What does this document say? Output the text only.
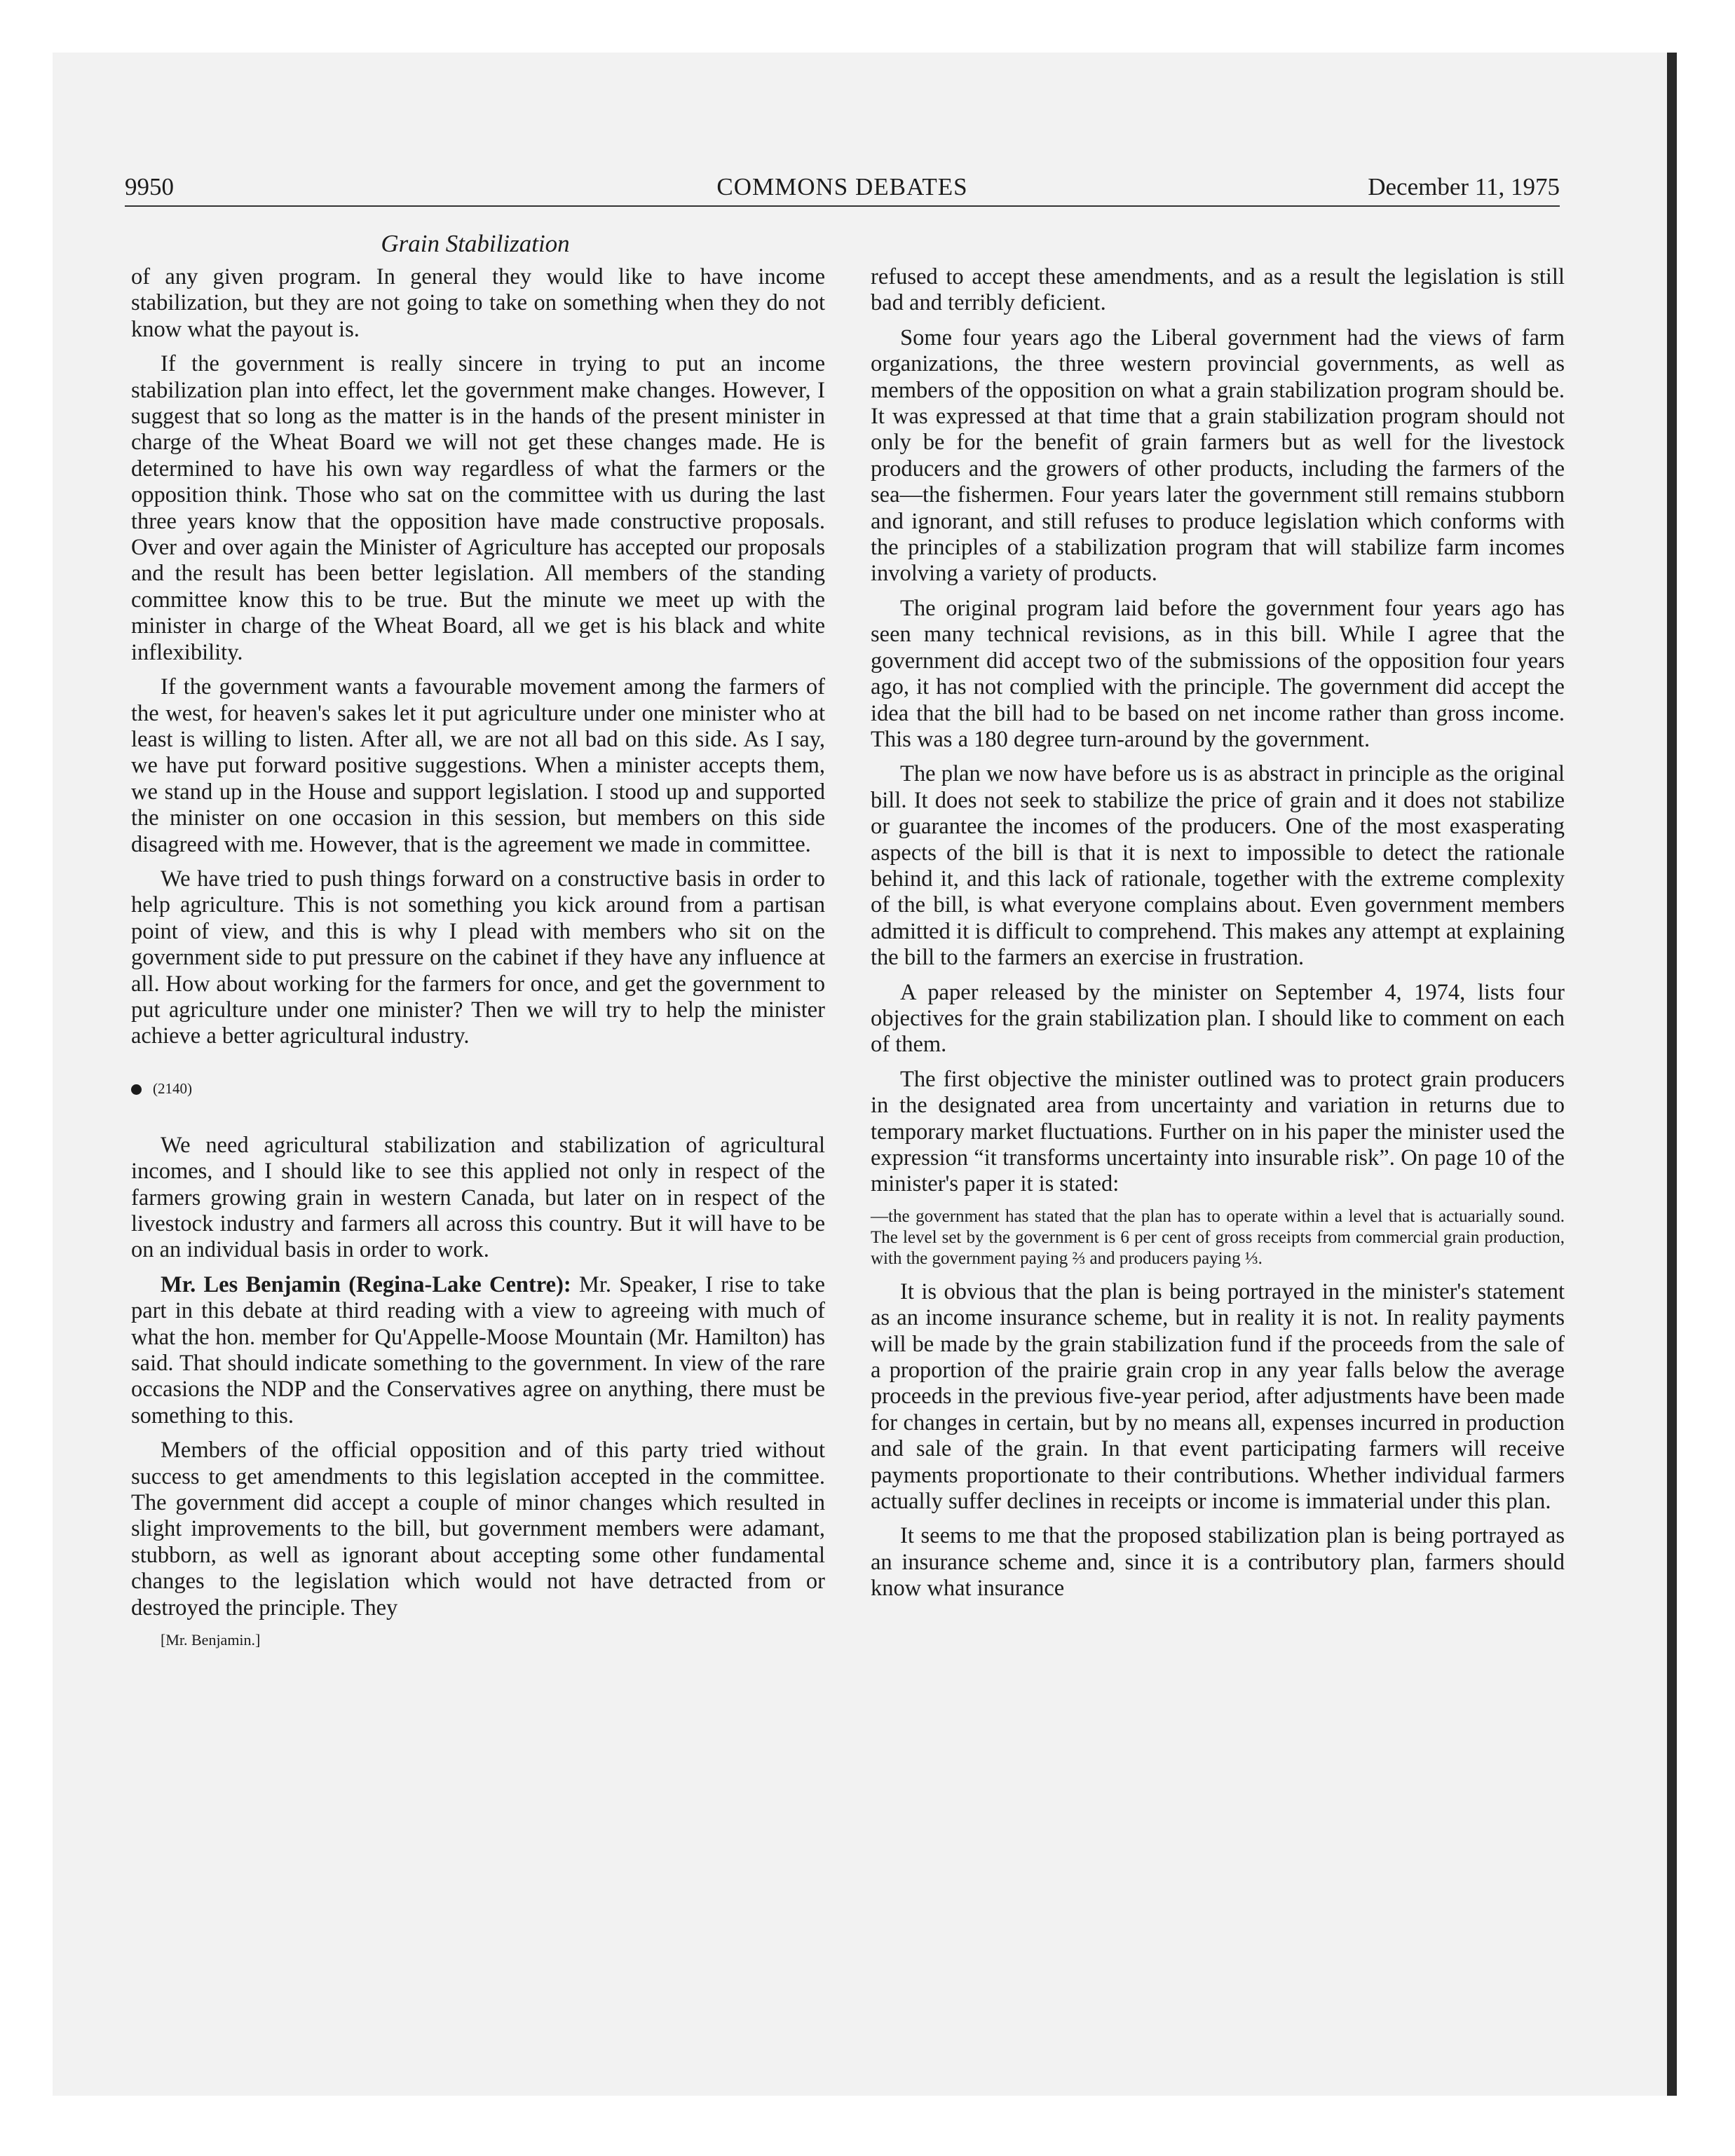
9950	COMMONS DEBATES	December 11, 1975
Grain Stabilization

of any given program. In general they would like to have income stabilization, but they are not going to take on something when they do not know what the payout is.

If the government is really sincere in trying to put an income stabilization plan into effect, let the government make changes. However, I suggest that so long as the matter is in the hands of the present minister in charge of the Wheat Board we will not get these changes made. He is determined to have his own way regardless of what the farmers or the opposition think. Those who sat on the committee with us during the last three years know that the opposition have made constructive proposals. Over and over again the Minister of Agriculture has accepted our proposals and the result has been better legislation. All members of the standing committee know this to be true. But the minute we meet up with the minister in charge of the Wheat Board, all we get is his black and white inflexibility.

If the government wants a favourable movement among the farmers of the west, for heaven's sakes let it put agriculture under one minister who at least is willing to listen. After all, we are not all bad on this side. As I say, we have put forward positive suggestions. When a minister accepts them, we stand up in the House and support legislation. I stood up and supported the minister on one occasion in this session, but members on this side disagreed with me. However, that is the agreement we made in committee.

We have tried to push things forward on a constructive basis in order to help agriculture. This is not something you kick around from a partisan point of view, and this is why I plead with members who sit on the government side to put pressure on the cabinet if they have any influence at all. How about working for the farmers for once, and get the government to put agriculture under one minister? Then we will try to help the minister achieve a better agricultural industry.

(2140)

We need agricultural stabilization and stabilization of agricultural incomes, and I should like to see this applied not only in respect of the farmers growing grain in western Canada, but later on in respect of the livestock industry and farmers all across this country. But it will have to be on an individual basis in order to work.

Mr. Les Benjamin (Regina-Lake Centre): Mr. Speaker, I rise to take part in this debate at third reading with a view to agreeing with much of what the hon. member for Qu'Appelle-Moose Mountain (Mr. Hamilton) has said. That should indicate something to the government. In view of the rare occasions the NDP and the Conservatives agree on anything, there must be something to this.

Members of the official opposition and of this party tried without success to get amendments to this legislation accepted in the committee. The government did accept a couple of minor changes which resulted in slight improvements to the bill, but government members were adamant, stubborn, as well as ignorant about accepting some other fundamental changes to the legislation which would not have detracted from or destroyed the principle. They

[Mr. Benjamin.]

refused to accept these amendments, and as a result the legislation is still bad and terribly deficient.

Some four years ago the Liberal government had the views of farm organizations, the three western provincial governments, as well as members of the opposition on what a grain stabilization program should be. It was expressed at that time that a grain stabilization program should not only be for the benefit of grain farmers but as well for the livestock producers and the growers of other products, including the farmers of the sea—the fishermen. Four years later the government still remains stubborn and ignorant, and still refuses to produce legislation which conforms with the principles of a stabilization program that will stabilize farm incomes involving a variety of products.

The original program laid before the government four years ago has seen many technical revisions, as in this bill. While I agree that the government did accept two of the submissions of the opposition four years ago, it has not complied with the principle. The government did accept the idea that the bill had to be based on net income rather than gross income. This was a 180 degree turn-around by the government.

The plan we now have before us is as abstract in principle as the original bill. It does not seek to stabilize the price of grain and it does not stabilize or guarantee the incomes of the producers. One of the most exasperating aspects of the bill is that it is next to impossible to detect the rationale behind it, and this lack of rationale, together with the extreme complexity of the bill, is what everyone complains about. Even government members admitted it is difficult to comprehend. This makes any attempt at explaining the bill to the farmers an exercise in frustration.

A paper released by the minister on September 4, 1974, lists four objectives for the grain stabilization plan. I should like to comment on each of them.

The first objective the minister outlined was to protect grain producers in the designated area from uncertainty and variation in returns due to temporary market fluctuations. Further on in his paper the minister used the expression “it transforms uncertainty into insurable risk”. On page 10 of the minister's paper it is stated:

—the government has stated that the plan has to operate within a level that is actuarially sound. The level set by the government is 6 per cent of gross receipts from commercial grain production, with the government paying ⅔ and producers paying ⅓.

It is obvious that the plan is being portrayed in the minister's statement as an income insurance scheme, but in reality it is not. In reality payments will be made by the grain stabilization fund if the proceeds from the sale of a proportion of the prairie grain crop in any year falls below the average proceeds in the previous five-year period, after adjustments have been made for changes in certain, but by no means all, expenses incurred in production and sale of the grain. In that event participating farmers will receive payments proportionate to their contributions. Whether individual farmers actually suffer declines in receipts or income is immaterial under this plan.

It seems to me that the proposed stabilization plan is being portrayed as an insurance scheme and, since it is a contributory plan, farmers should know what insurance
